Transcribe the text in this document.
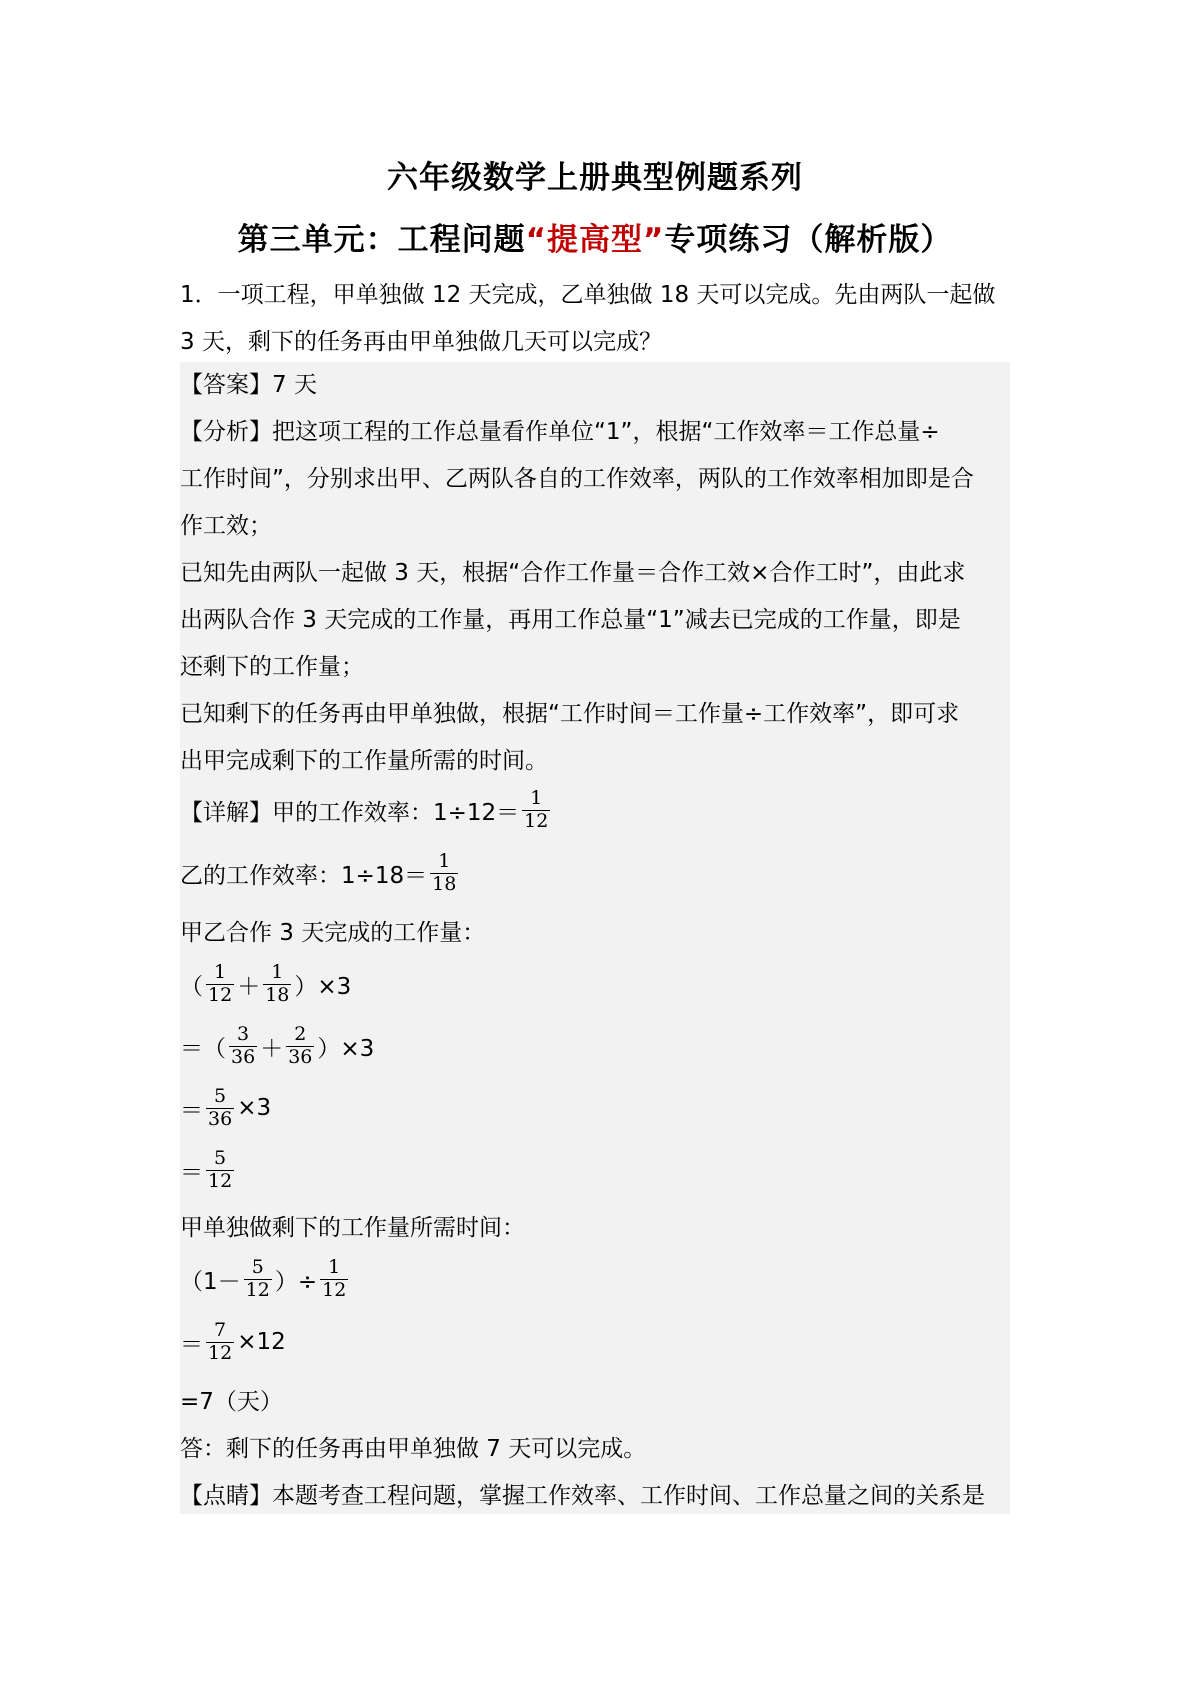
六年级数学上册典型例题系列
第三单元：工程问题“提高型”专项练习（解析版）
1．一项工程，甲单独做 12 天完成，乙单独做 18 天可以完成。先由两队一起做 3 天，剩下的任务再由甲单独做几天可以完成？
【答案】7 天
【分析】把这项工程的工作总量看作单位“1”，根据“工作效率＝工作总量÷
工作时间”，分别求出甲、乙两队各自的工作效率，两队的工作效率相加即是合
作工效；
已知先由两队一起做 3 天，根据“合作工作量＝合作工效×合作工时”，由此求
出两队合作 3 天完成的工作量，再用工作总量“1”减去已完成的工作量，即是
还剩下的工作量；
已知剩下的任务再由甲单独做，根据“工作时间＝工作量÷工作效率”，即可求
出甲完成剩下的工作量所需的时间。
【详解】 甲的工作效率：$1\div 12= \frac{1}{12}$
乙的工作效率：$1\div 18= \frac{1}{18}$
甲乙合作 3 天完成的工作量：
（ $\frac{1}{12} + \frac{1}{18} )\times 3$
＝（ $\frac{3}{36} + \frac{2}{36} )\times 3$
＝ $\frac{5}{36} \times 3$
＝ $\frac{5}{12}$
甲单独做剩下的工作量所需时间：
（$1- \frac{5}{12}$ ）÷ $\frac{1}{12}$
＝ $\frac{7}{12} \times 12$
=7（天）
答：剩下的任务再由甲单独做 7 天可以完成。
【点睛】本题考查工程问题，掌握工作效率、工作时间、工作总量之间的关系是
